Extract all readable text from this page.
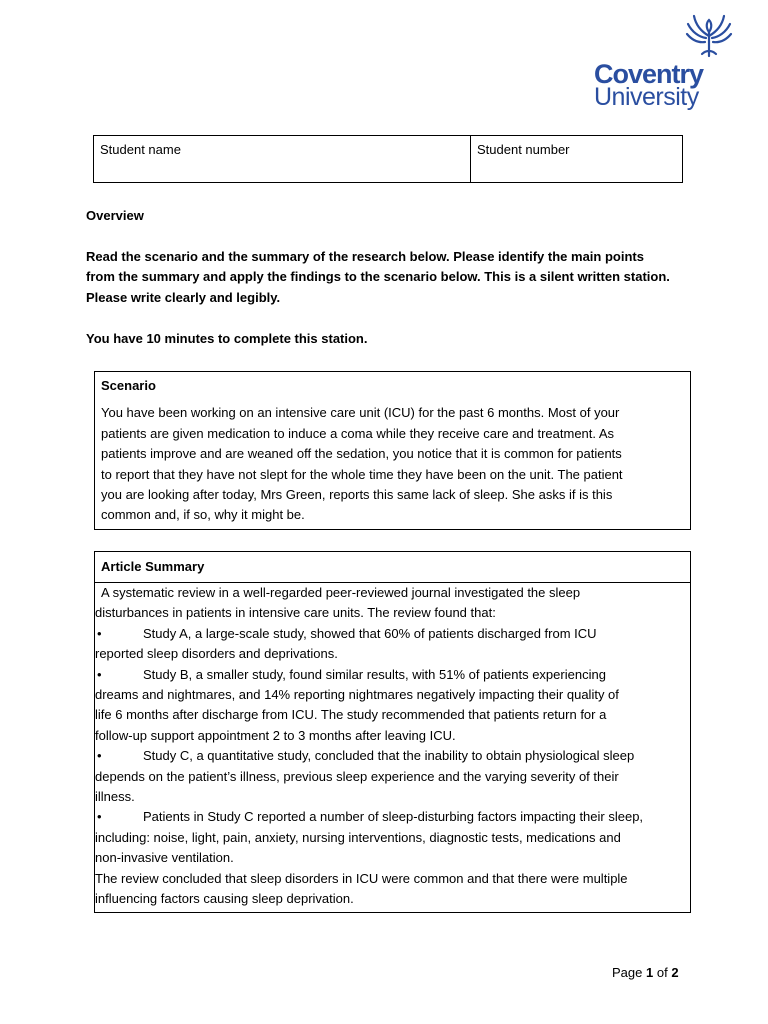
Coventry
University
Student name	Student number
Overview
Read the scenario and the summary of the research below. Please identify the main points
from the summary and apply the findings to the scenario below. This is a silent written station.
Please write clearly and legibly.
You have 10 minutes to complete this station.
Scenario
You have been working on an intensive care unit (ICU) for the past 6 months. Most of your
patients are given medication to induce a coma while they receive care and treatment. As
patients improve and are weaned off the sedation, you notice that it is common for patients
to report that they have not slept for the whole time they have been on the unit. The patient
you are looking after today, Mrs Green, reports this same lack of sleep. She asks if is this
common and, if so, why it might be.
Article Summary
A systematic review in a well-regarded peer-reviewed journal investigated the sleep
disturbances in patients in intensive care units. The review found that:
•	Study A, a large-scale study, showed that 60% of patients discharged from ICU
reported sleep disorders and deprivations.
•	Study B, a smaller study, found similar results, with 51% of patients experiencing
dreams and nightmares, and 14% reporting nightmares negatively impacting their quality of
life 6 months after discharge from ICU. The study recommended that patients return for a
follow-up support appointment 2 to 3 months after leaving ICU.
•	Study C, a quantitative study, concluded that the inability to obtain physiological sleep
depends on the patient’s illness, previous sleep experience and the varying severity of their
illness.
•	Patients in Study C reported a number of sleep-disturbing factors impacting their sleep,
including: noise, light, pain, anxiety, nursing interventions, diagnostic tests, medications and
non-invasive ventilation.
The review concluded that sleep disorders in ICU were common and that there were multiple
influencing factors causing sleep deprivation.
Page 1 of 2
